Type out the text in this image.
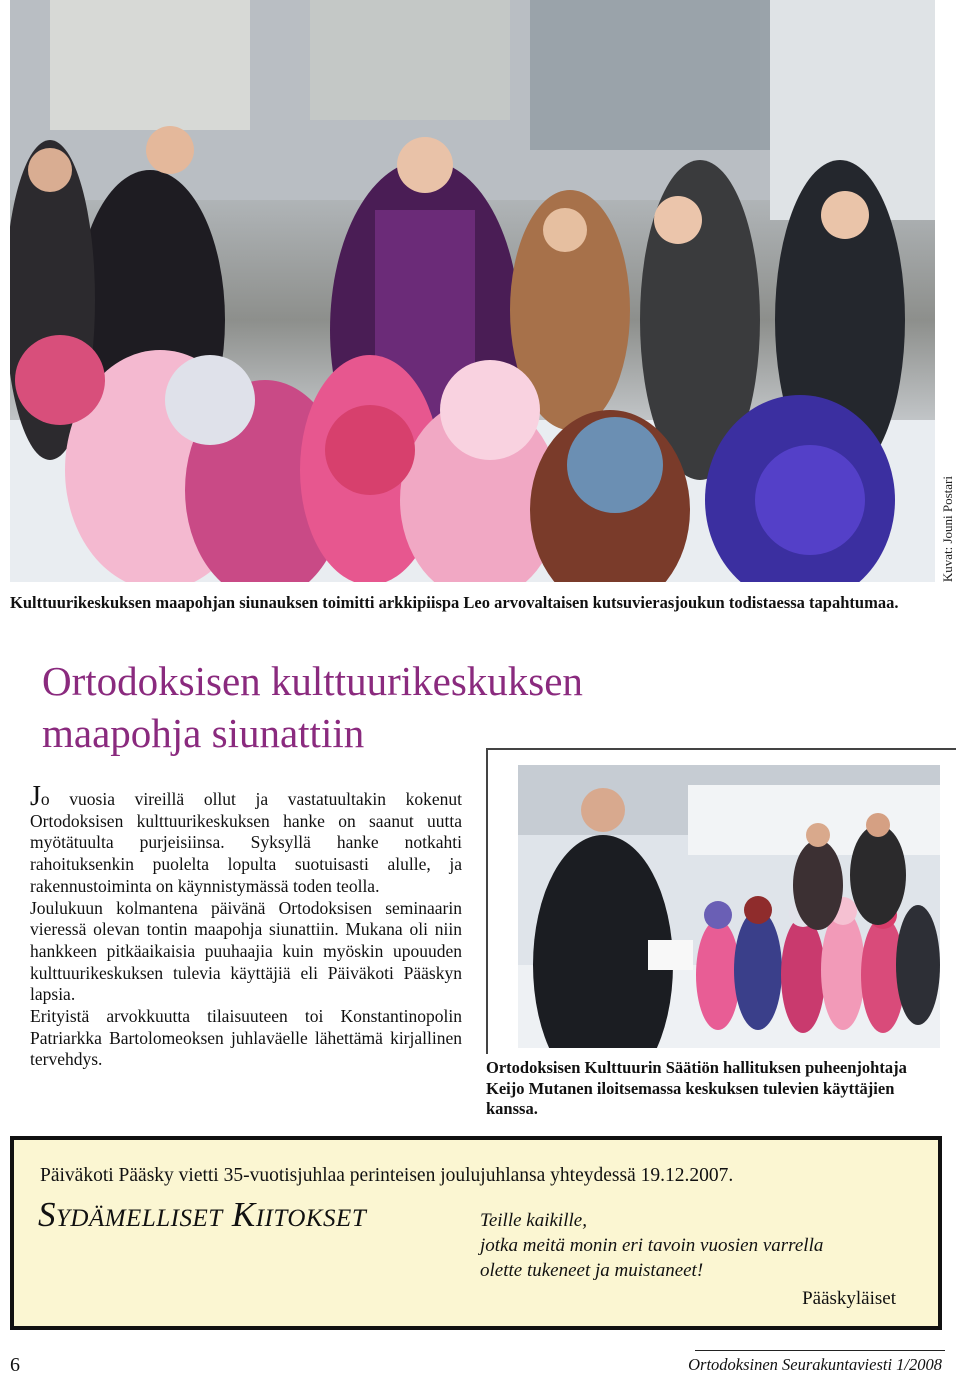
Kuvat: Jouni Postari
Kulttuurikeskuksen maapohjan siunauksen toimitti arkkipiispa Leo arvovaltaisen kutsuvierasjoukun todistaessa tapahtumaa.
Ortodoksisen kulttuurikeskuksen
maapohja siunattiin

Jo vuosia vireillä ollut ja vastatuultakin kokenut Ortodoksisen kulttuurikeskuksen hanke on saanut uutta myötätuulta purjeisiinsa. Syksyllä hanke notkahti rahoituksenkin puolelta lopulta suotuisasti alulle, ja rakennustoiminta on käynnistymässä toden teolla.

Joulukuun kolmantena päivänä Ortodoksisen seminaarin vieressä olevan tontin maapohja siunattiin. Mukana oli niin hankkeen pitkäaikaisia puuhaajia kuin myöskin upouuden kulttuurikeskuksen tulevia käyttäjiä eli Päiväkoti Pääskyn lapsia.

Erityistä arvokkuutta tilaisuuteen toi Konstantinopolin Patriarkka Bartolomeoksen juhlaväelle lähettämä kirjallinen tervehdys.	Ortodoksisen Kulttuurin Säätiön hallituksen puheenjohtaja Keijo Mutanen iloitsemassa keskuksen tulevien käyttäjien kanssa.
Päiväkoti Pääsky vietti 35-vuotisjuhlaa perinteisen joulujuhlansa yhteydessä 19.12.2007.
Sydämelliset Kiitokset	Teille kaikille,
jotka meitä monin eri tavoin vuosien varrella
olette tukeneet ja muistaneet!
Pääskyläiset
6	Ortodoksinen Seurakuntaviesti 1/2008
